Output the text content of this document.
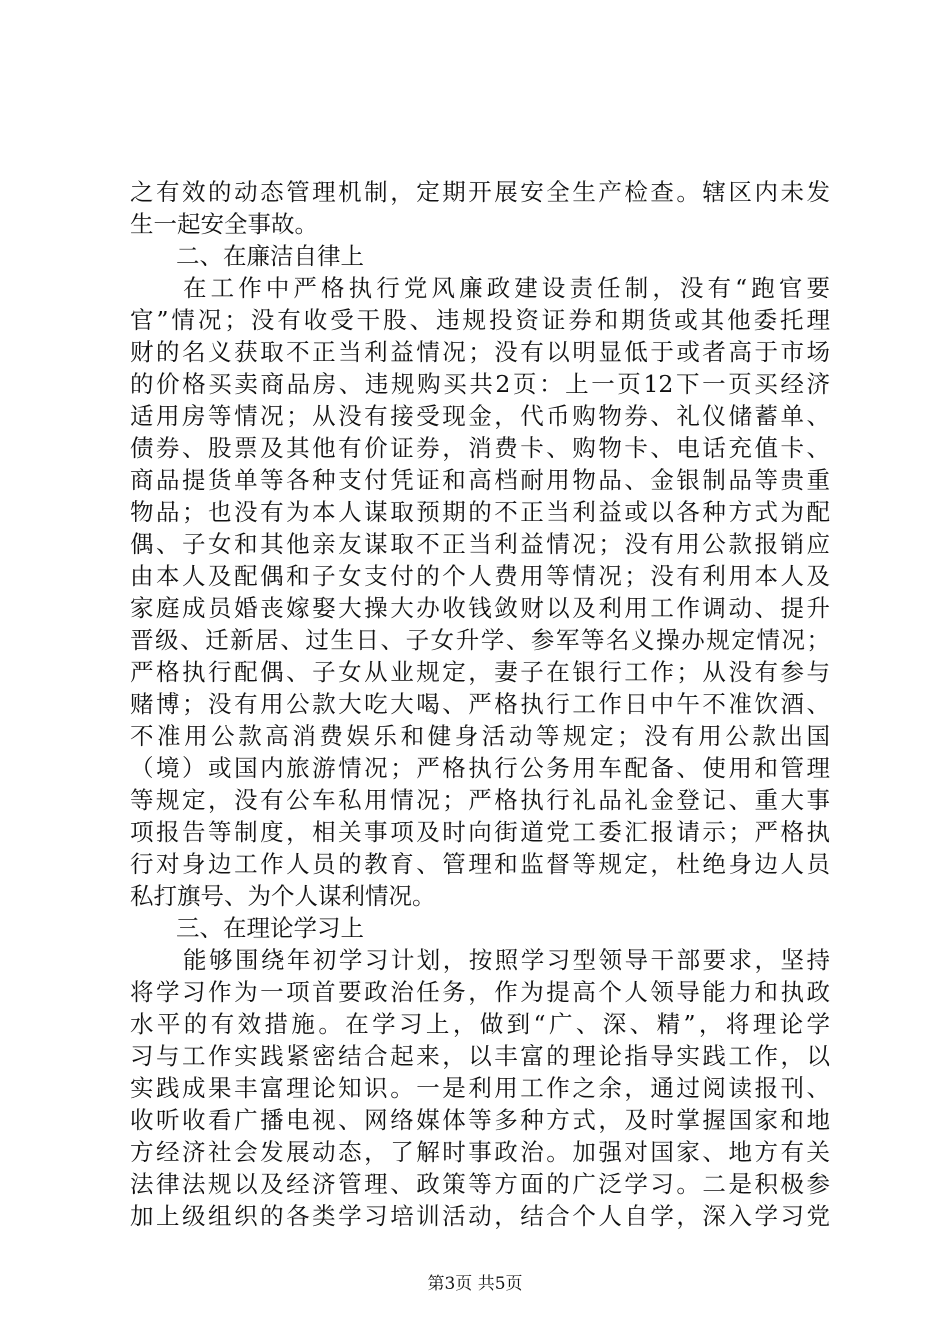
之有效的动态管理机制，定期开展安全生产检查。辖区内未发
生一起安全事故。
二、在廉洁自律上
在工作中严格执行党风廉政建设责任制，没有“跑官要
官”情况；没有收受干股、违规投资证券和期货或其他委托理
财的名义获取不正当利益情况；没有以明显低于或者高于市场
的价格买卖商品房、违规购买共2页：上一页12下一页买经济
适用房等情况；从没有接受现金，代币购物券、礼仪储蓄单、
债券、股票及其他有价证券，消费卡、购物卡、电话充值卡、
商品提货单等各种支付凭证和高档耐用物品、金银制品等贵重
物品；也没有为本人谋取预期的不正当利益或以各种方式为配
偶、子女和其他亲友谋取不正当利益情况；没有用公款报销应
由本人及配偶和子女支付的个人费用等情况；没有利用本人及
家庭成员婚丧嫁娶大操大办收钱敛财以及利用工作调动、提升
晋级、迁新居、过生日、子女升学、参军等名义操办规定情况；
严格执行配偶、子女从业规定，妻子在银行工作；从没有参与
赌博；没有用公款大吃大喝、严格执行工作日中午不准饮酒、
不准用公款高消费娱乐和健身活动等规定；没有用公款出国
（境）或国内旅游情况；严格执行公务用车配备、使用和管理
等规定，没有公车私用情况；严格执行礼品礼金登记、重大事
项报告等制度，相关事项及时向街道党工委汇报请示；严格执
行对身边工作人员的教育、管理和监督等规定，杜绝身边人员
私打旗号、为个人谋利情况。
三、在理论学习上
能够围绕年初学习计划，按照学习型领导干部要求，坚持
将学习作为一项首要政治任务，作为提高个人领导能力和执政
水平的有效措施。在学习上，做到“广、深、精”，将理论学
习与工作实践紧密结合起来，以丰富的理论指导实践工作，以
实践成果丰富理论知识。一是利用工作之余，通过阅读报刊、
收听收看广播电视、网络媒体等多种方式，及时掌握国家和地
方经济社会发展动态，了解时事政治。加强对国家、地方有关
法律法规以及经济管理、政策等方面的广泛学习。二是积极参
加上级组织的各类学习培训活动，结合个人自学，深入学习党
第3页 共5页
